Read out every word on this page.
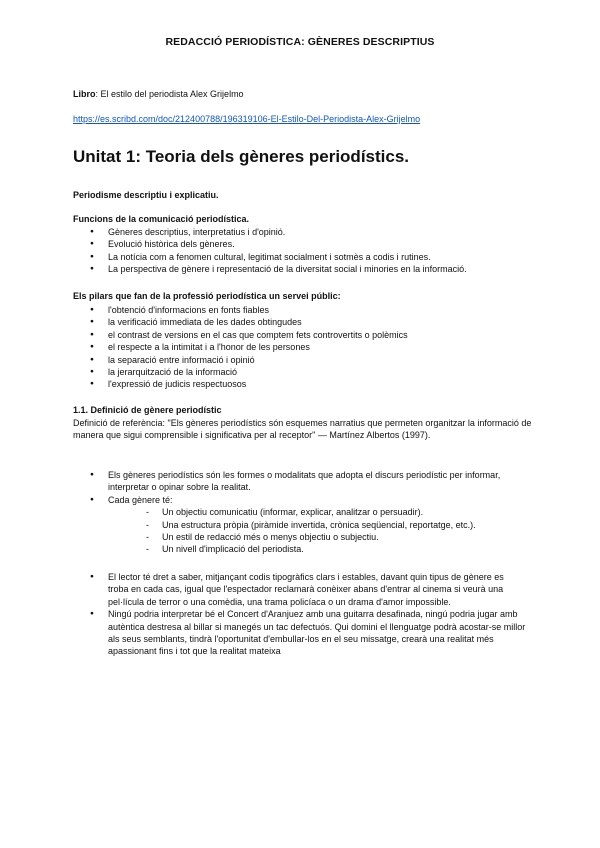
REDACCIÓ PERIODÍSTICA: GÈNERES DESCRIPTIUS
Libro: El estilo del periodista Alex Grijelmo
https://es.scribd.com/doc/212400788/196319106-El-Estilo-Del-Periodista-Alex-Grijelmo
Unitat 1: Teoria dels gèneres periodístics.
Periodisme descriptiu i explicatiu.
Funcions de la comunicació periodística.
● Gèneres descriptius, interpretatius i d'opinió.
● Evolució històrica dels gèneres.
● La notícia com a fenomen cultural, legitimat socialment i sotmès a codis i rutines.
● La perspectiva de gènere i representació de la diversitat social i minories en la informació.
Els pilars que fan de la professió periodística un servei públic:
● l'obtenció d'informacions en fonts fiables
● la verificació immediata de les dades obtingudes
● el contrast de versions en el cas que comptem fets controvertits o polèmics
● el respecte a la intimitat i a l'honor de les persones
● la separació entre informació i opinió
● la jerarquització de la informació
● l'expressió de judicis respectuosos
1.1. Definició de gènere periodístic
Definició de referència: "Els gèneres periodístics són esquemes narratius que permeten organitzar la informació de manera que sigui comprensible i significativa per al receptor" — Martínez Albertos (1997).
● Els gèneres periodístics són les formes o modalitats que adopta el discurs periodístic per informar, interpretar o opinar sobre la realitat.
● Cada gènere té:
- Un objectiu comunicatiu (informar, explicar, analitzar o persuadir).
- Una estructura pròpia (piràmide invertida, crònica seqüencial, reportatge, etc.).
- Un estil de redacció més o menys objectiu o subjectiu.
- Un nivell d'implicació del periodista.
● El lector té dret a saber, mitjançant codis tipogràfics clars i estables, davant quin tipus de gènere es troba en cada cas, igual que l'espectador reclamarà conèixer abans d'entrar al cinema si veurà una pel·lícula de terror o una comèdia, una trama policíaca o un drama d'amor impossible.
● Ningú podria interpretar bé el Concert d'Aranjuez amb una guitarra desafinada, ningú podria jugar amb autèntica destresa al billar si manegés un tac defectuós. Qui domini el llenguatge podrà acostar-se millor als seus semblants, tindrà l'oportunitat d'embullar-los en el seu missatge, crearà una realitat més apassionant fins i tot que la realitat mateixa
